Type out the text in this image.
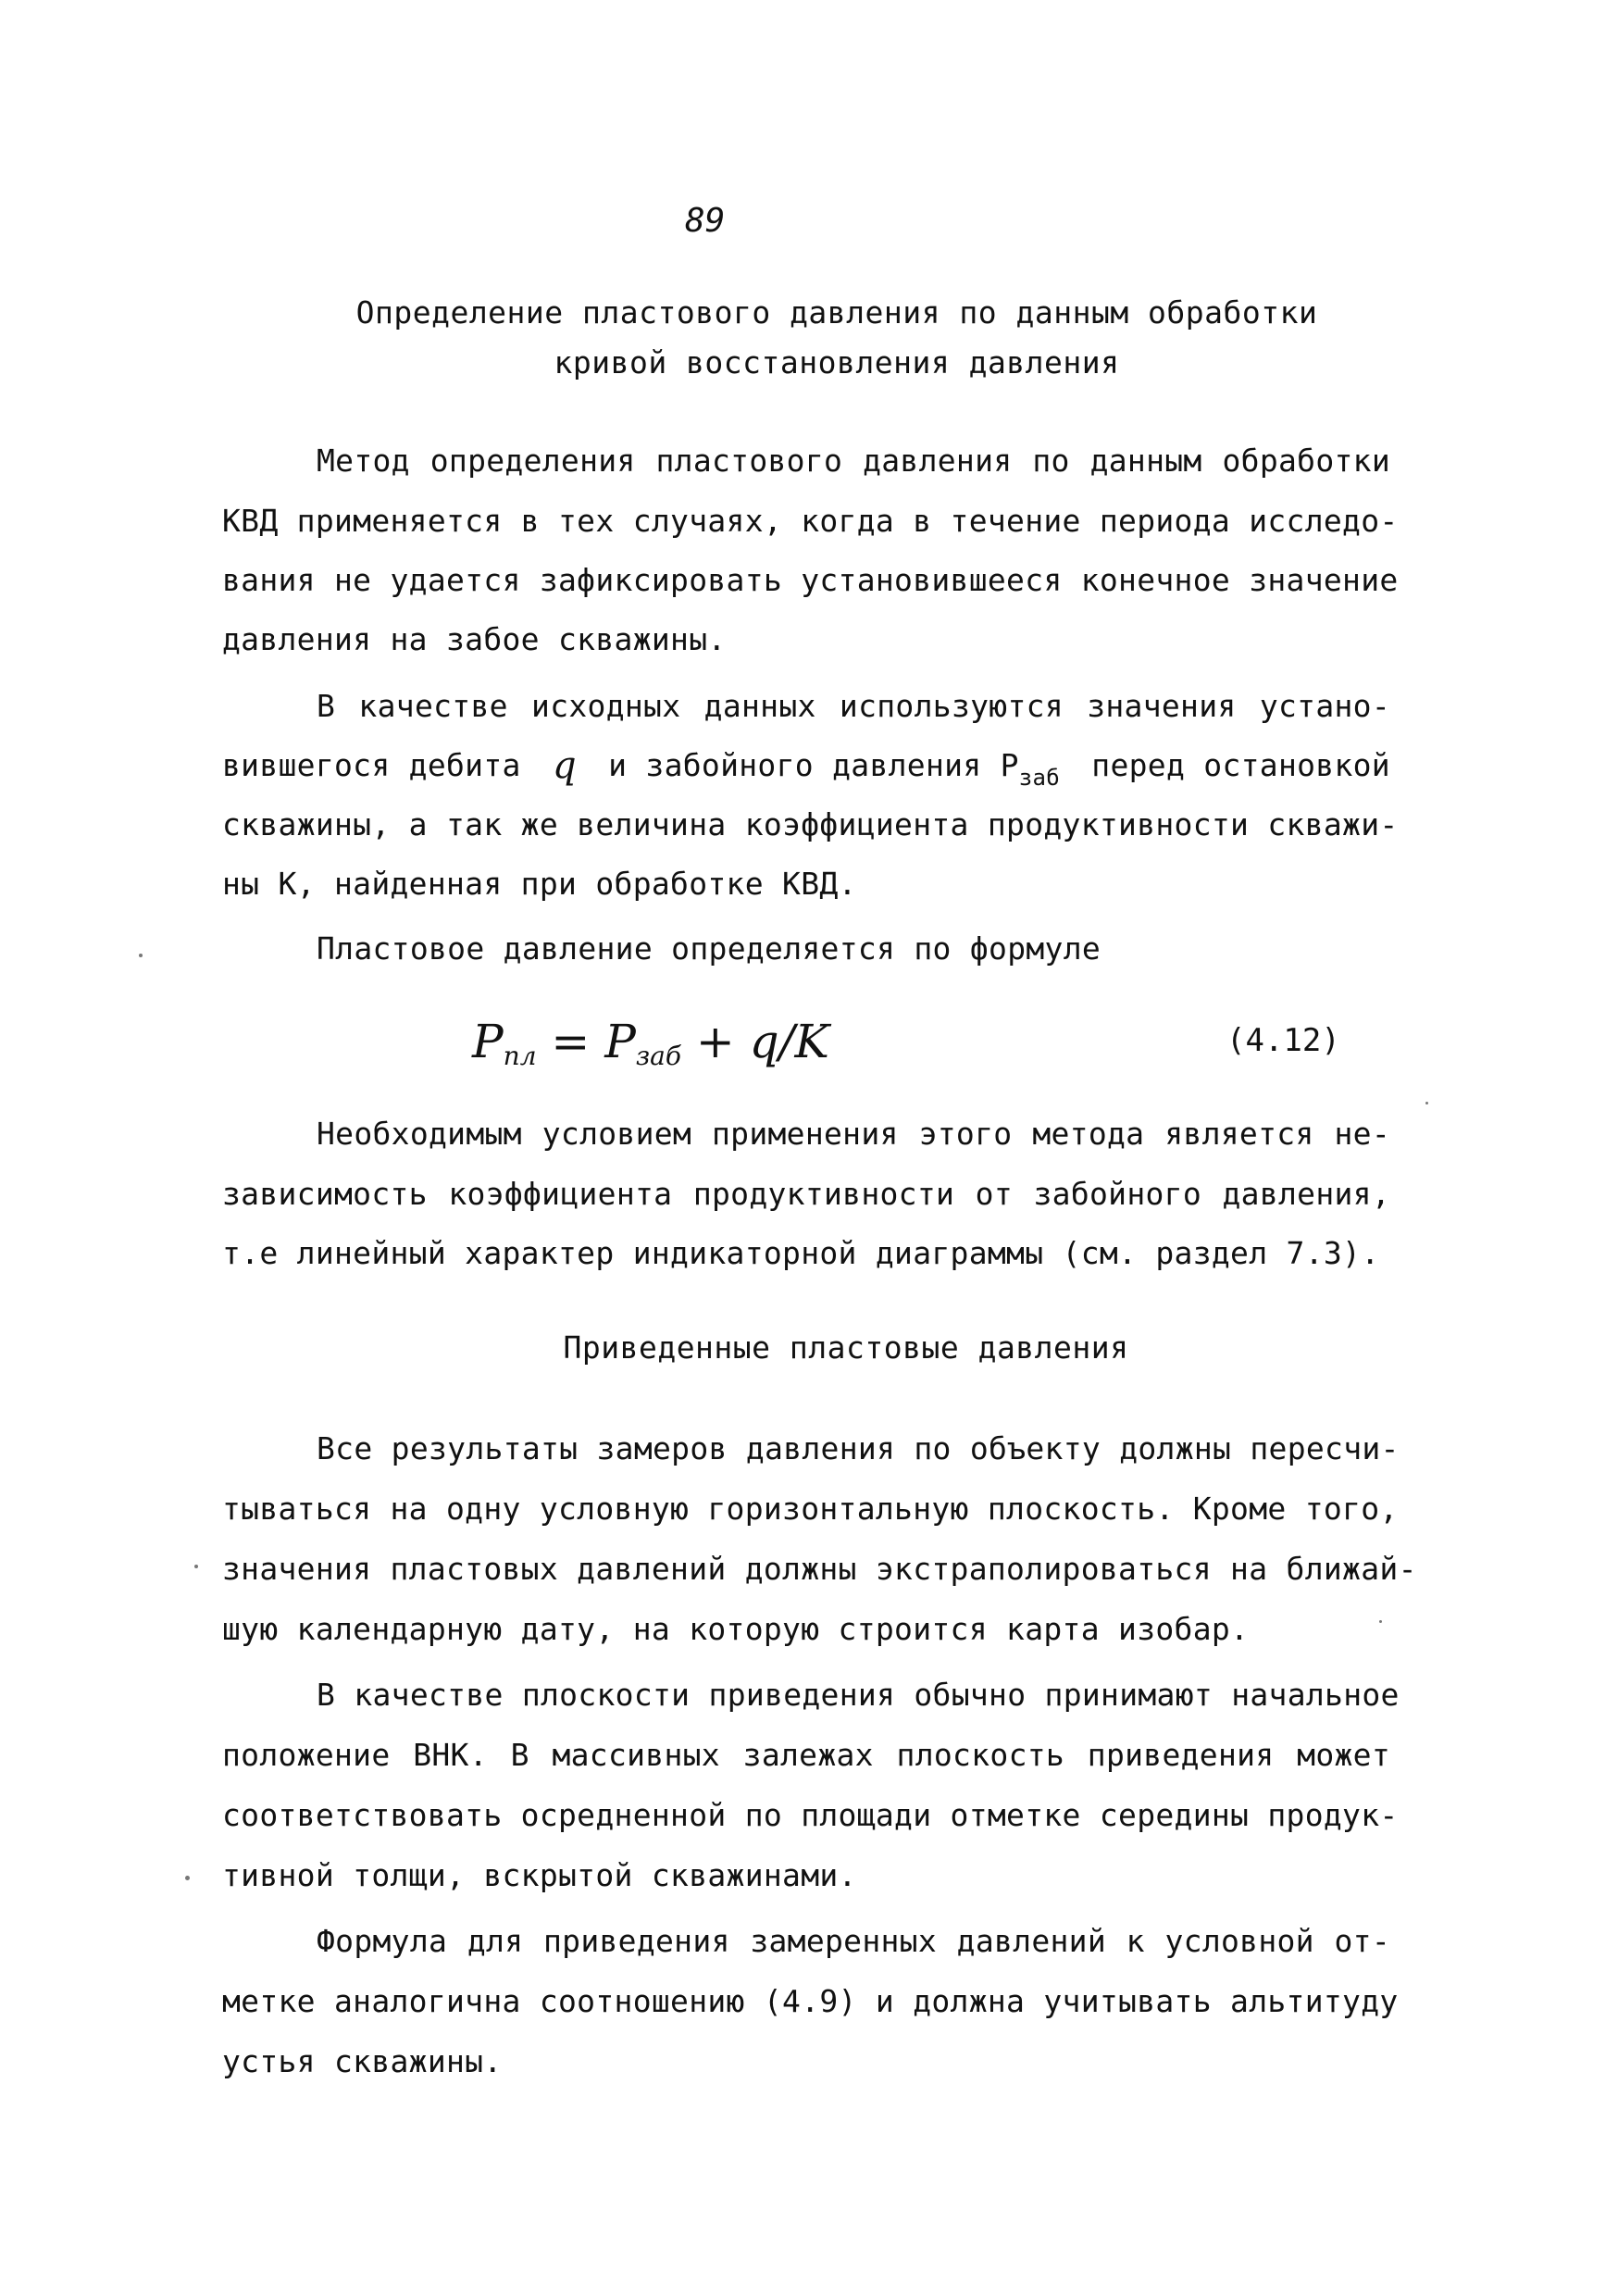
89
Определение пластового давления по данным обработки
кривой восстановления давления
Метод определения пластового давления по данным обработки
КВД применяется в тех случаях, когда в течение периода исследо-
вания не удается зафиксировать установившееся конечное значение
давления на забое скважины.
В качестве исходных данных используются значения устано-
вившегося дебита q и забойного давления $Р_{заб}$ перед остановкой
скважины, а так же величина коэффициента продуктивности скважи-
ны К, найденная при обработке КВД.
Пластовое давление определяется по формуле
Pпл = Pзаб + q/K	(4.12)
Необходимым условием применения этого метода является не-
зависимость коэффициента продуктивности от забойного давления,
т.е линейный характер индикаторной диаграммы (см. раздел 7.3).
Приведенные пластовые давления
Все результаты замеров давления по объекту должны пересчи-
тываться на одну условную горизонтальную плоскость. Кроме того,
значения пластовых давлений должны экстраполироваться на ближай-
шую календарную дату, на которую строится карта изобар.
В качестве плоскости приведения обычно принимают начальное
положение ВНК. В массивных залежах плоскость приведения может
соответствовать осредненной по площади отметке середины продук-
тивной толщи, вскрытой скважинами.
Формула для приведения замеренных давлений к условной от-
метке аналогична соотношению (4.9) и должна учитывать альтитуду
устья скважины.
